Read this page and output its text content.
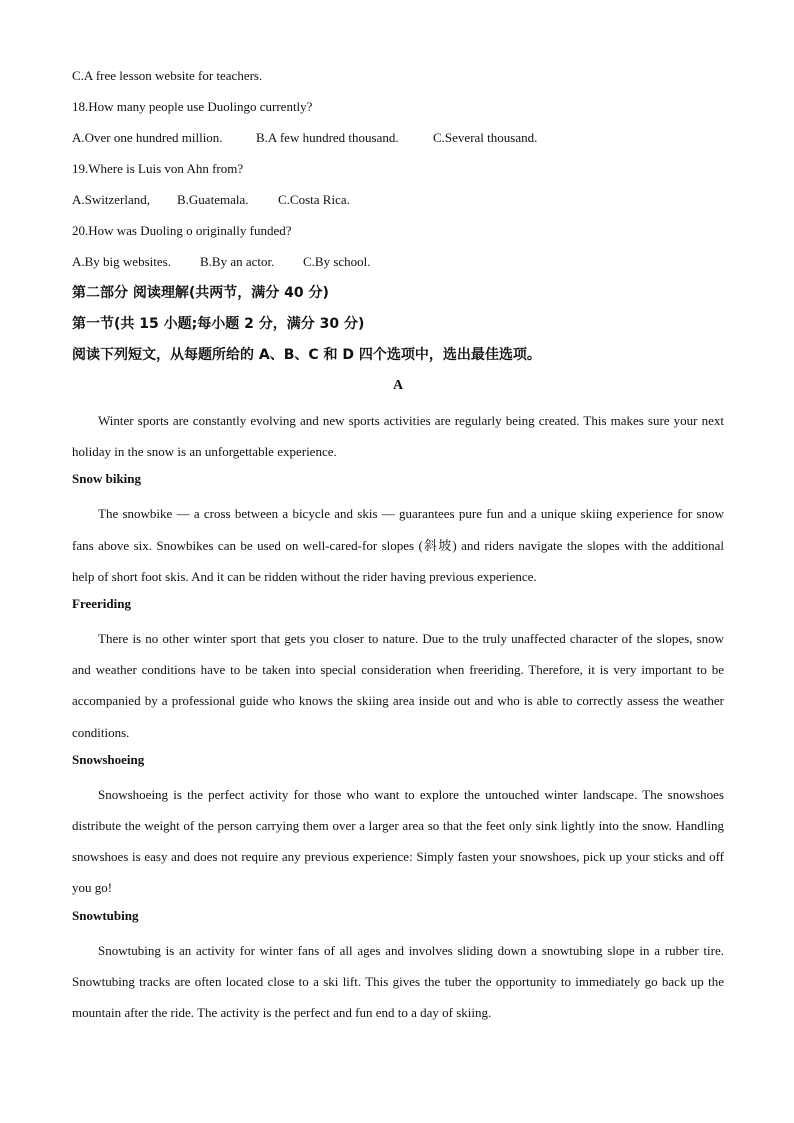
C.A free lesson website for teachers.

18.How many people use Duolingo currently?

A.Over one hundred million.	B.A few hundred thousand.	C.Several thousand.

19.Where is Luis von Ahn from?

A.Switzerland, B.Guatemala. C.Costa Rica.

20.How was Duoling o originally funded?

A.By big websites. B.By an actor. C.By school.

第二部分 阅读理解(共两节，满分 40 分)

第一节(共 15 小题;每小题 2 分，满分 30 分)

阅读下列短文，从每题所给的 A、B、C 和 D 四个选项中，选出最佳选项。

A

Winter sports are constantly evolving and new sports activities are regularly being created. This makes sure your next holiday in the snow is an unforgettable experience.

Snow biking

The snowbike — a cross between a bicycle and skis — guarantees pure fun and a unique skiing experience for snow fans above six. Snowbikes can be used on well-cared-for slopes (斜坡) and riders navigate the slopes with the additional help of short foot skis. And it can be ridden without the rider having previous experience.

Freeriding

There is no other winter sport that gets you closer to nature. Due to the truly unaffected character of the slopes, snow and weather conditions have to be taken into special consideration when freeriding. Therefore, it is very important to be accompanied by a professional guide who knows the skiing area inside out and who is able to correctly assess the weather conditions.

Snowshoeing

Snowshoeing is the perfect activity for those who want to explore the untouched winter landscape. The snowshoes distribute the weight of the person carrying them over a larger area so that the feet only sink lightly into the snow. Handling snowshoes is easy and does not require any previous experience: Simply fasten your snowshoes, pick up your sticks and off you go!

Snowtubing

Snowtubing is an activity for winter fans of all ages and involves sliding down a snowtubing slope in a rubber tire. Snowtubing tracks are often located close to a ski lift. This gives the tuber the opportunity to immediately go back up the mountain after the ride. The activity is the perfect and fun end to a day of skiing.
